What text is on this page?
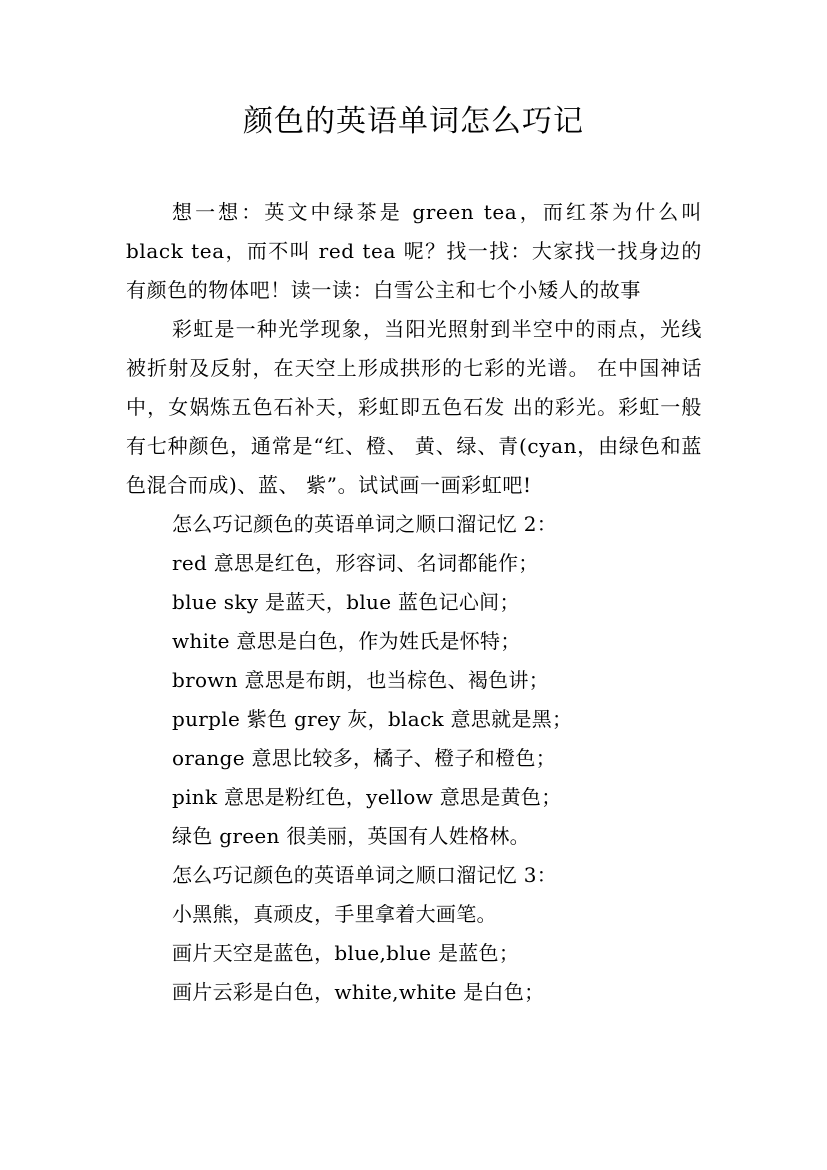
颜色的英语单词怎么巧记

想一想：英文中绿茶是 green tea，而红茶为什么叫 black tea，而不叫 red tea 呢？找一找：大家找一找身边的有颜色的物体吧！读一读：白雪公主和七个小矮人的故事

彩虹是一种光学现象，当阳光照射到半空中的雨点，光线被折射及反射，在天空上形成拱形的七彩的光谱。 在中国神话中，女娲炼五色石补天，彩虹即五色石发 出的彩光。彩虹一般有七种颜色，通常是“红、橙、 黄、绿、青(cyan，由绿色和蓝色混合而成)、蓝、 紫”。试试画一画彩虹吧!

怎么巧记颜色的英语单词之顺口溜记忆 2：
red 意思是红色，形容词、名词都能作；
blue sky 是蓝天，blue 蓝色记心间；
white 意思是白色，作为姓氏是怀特；
brown 意思是布朗，也当棕色、褐色讲；
purple 紫色 grey 灰，black 意思就是黑；
orange 意思比较多，橘子、橙子和橙色；
pink 意思是粉红色，yellow 意思是黄色；
绿色 green 很美丽，英国有人姓格林。
怎么巧记颜色的英语单词之顺口溜记忆 3：
小黑熊，真顽皮，手里拿着大画笔。
画片天空是蓝色，blue,blue 是蓝色；
画片云彩是白色，white,white 是白色；
